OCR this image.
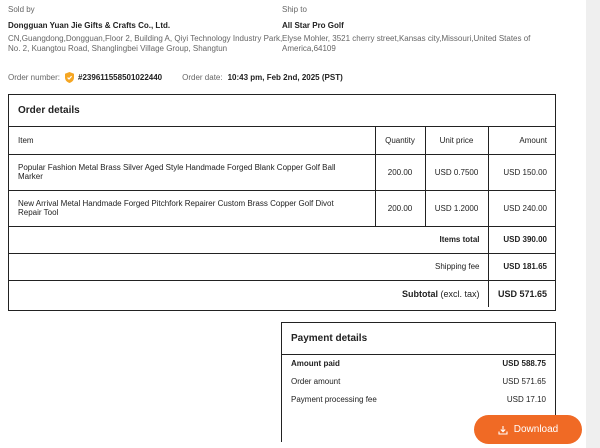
Sold by
Dongguan Yuan Jie Gifts & Crafts Co., Ltd.
CN,Guangdong,Dongguan,Floor 2, Building A, Qiyi Technology Industry Park, No. 2, Kuangtou Road, Shanglingbei Village Group, Shangtun
Ship to
All Star Pro Golf
Elyse Mohler, 3521 cherry street,Kansas city,Missouri,United States of America,64109
Order number: #239611558501022440	Order date: 10:43 pm, Feb 2nd, 2025 (PST)
Order details
Item	Quantity	Unit price	Amount
Popular Fashion Metal Brass Silver Aged Style Handmade Forged Blank Copper Golf Ball Marker	200.00	USD 0.7500	USD 150.00
New Arrival Metal Handmade Forged Pitchfork Repairer Custom Brass Copper Golf Divot Repair Tool	200.00	USD 1.2000	USD 240.00
Items total			USD 390.00
Shipping fee			USD 181.65
Subtotal (excl. tax)			USD 571.65
Payment details
Amount paid	USD 588.75
Order amount	USD 571.65
Payment processing fee	USD 17.10
Download
